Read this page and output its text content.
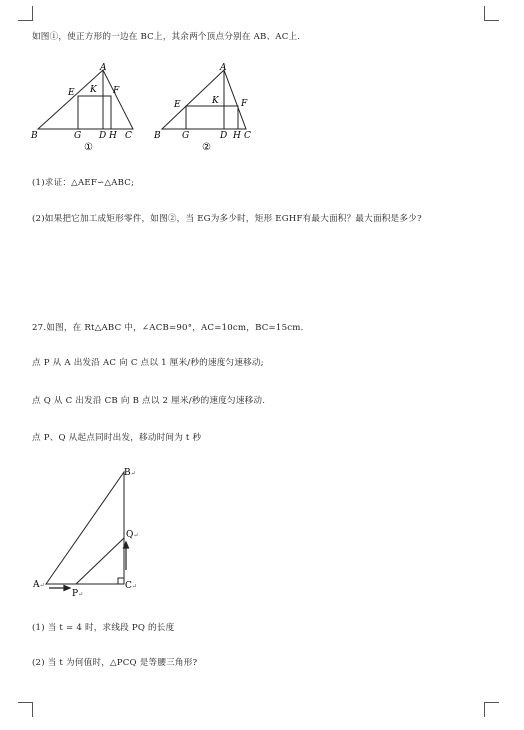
如图①，使正方形的一边在 BC上，其余两个顶点分别在 AB、AC上.
A
E K F
B	G D H C
①
A
E	K F
B G	D H C
②
(1)求证：△AEF∽△ABC;
(2)如果把它加工成矩形零件，如图②，当 EG为多少时，矩形 EGHF有最大面积？最大面积是多少?
27.如图，在 Rt△ABC 中，∠ACB=90°，AC=10cm，BC=15cm.
点 P 从 A 出发沿 AC 向 C 点以 1 厘米/秒的速度匀速移动;
点 Q 从 C 出发沿 CB 向 B 点以 2 厘米/秒的速度匀速移动.
点 P、Q 从起点同时出发，移动时间为 t 秒
B↵
Q↵
A↵	C↵
P↵
(1) 当 t = 4 时，求线段 PQ 的长度
(2) 当 t 为何值时，△PCQ 是等腰三角形?
